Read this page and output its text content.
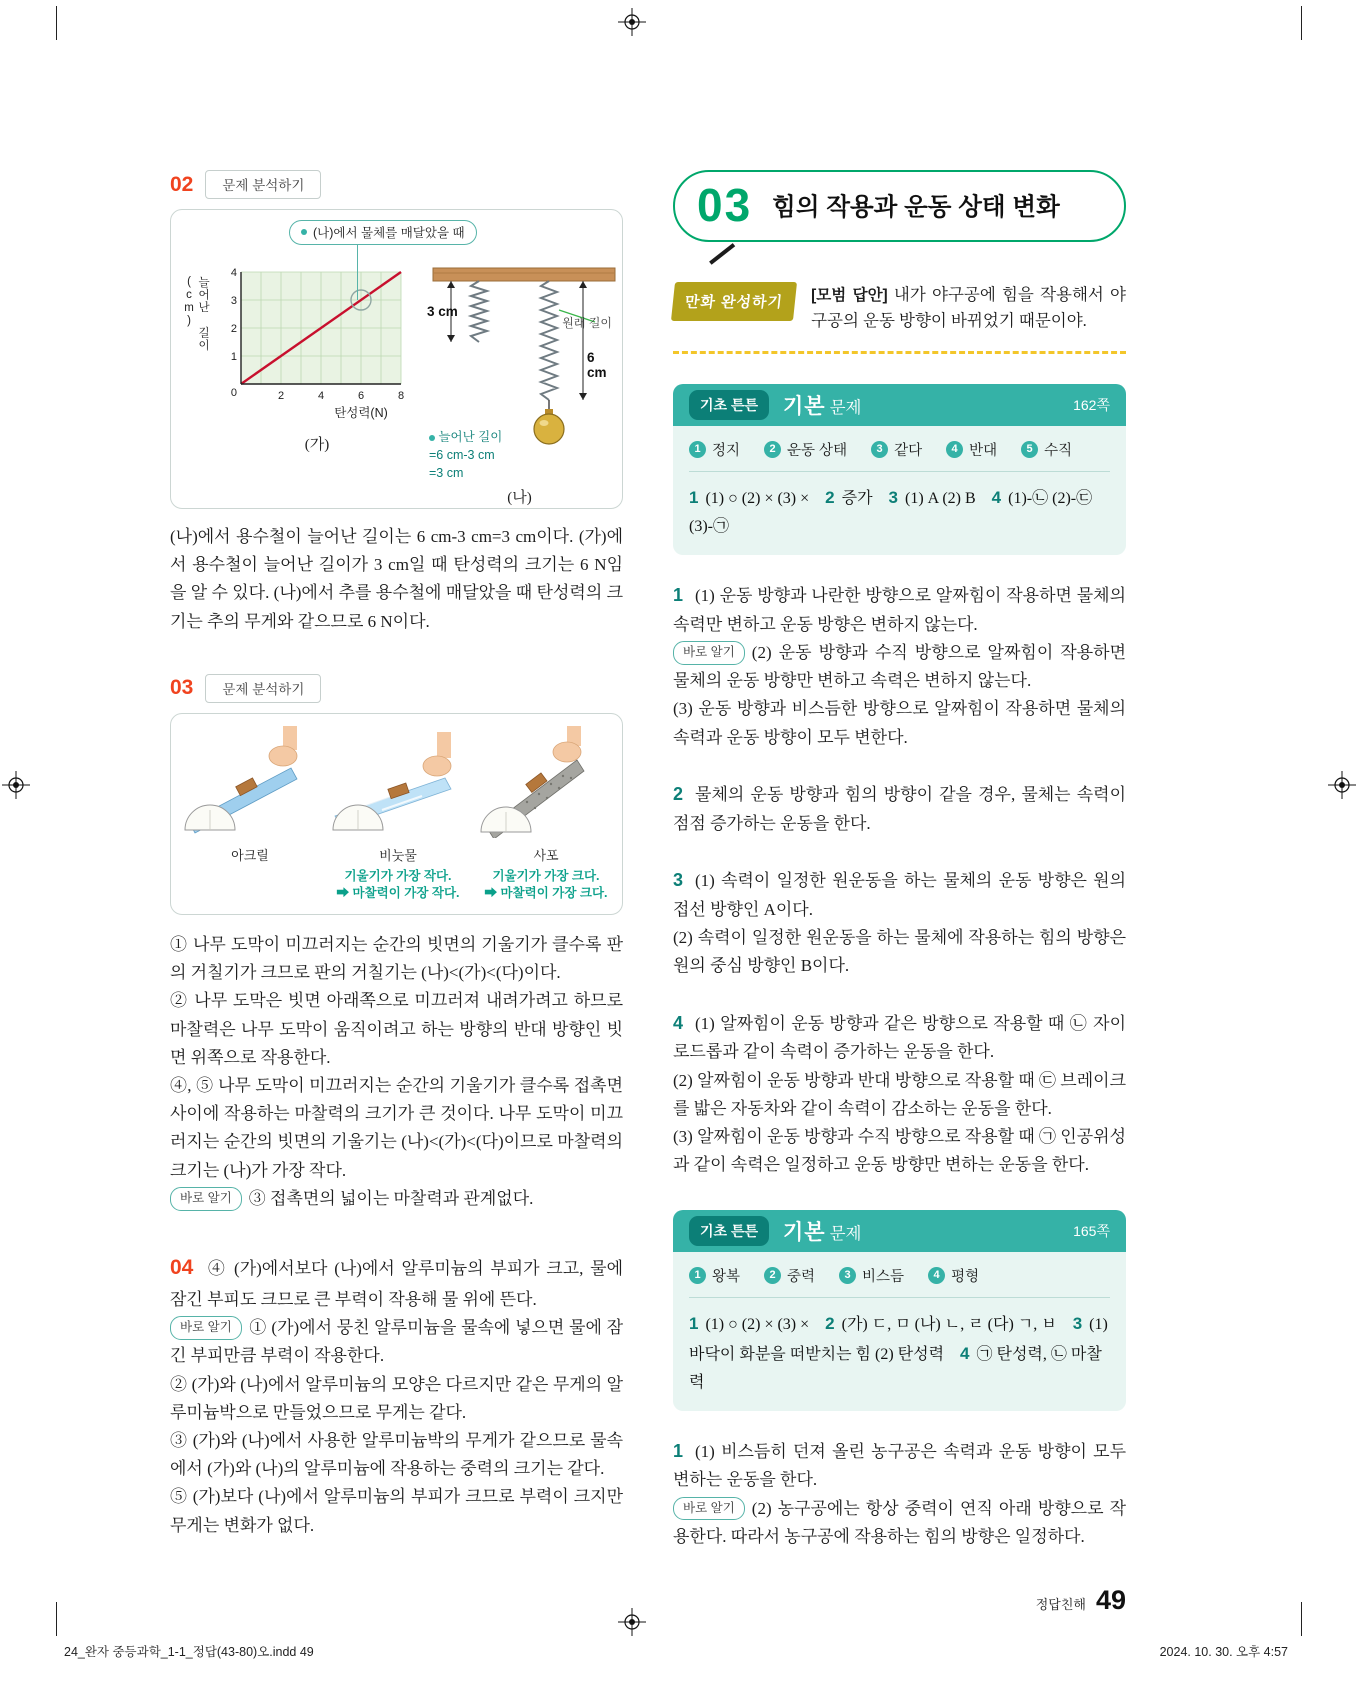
02	문제 분석하기
(나)에서 물체를 매달았을 때
늘어난 길이(cm)
1
2
3
4
0	2	4	6	8
탄성력(N)
(가)
3 cm
6 cm
원래 길이
늘어난 길이
=6 cm-3 cm
=3 cm
(나)

(나)에서 용수철이 늘어난 길이는 6 cm-3 cm=3 cm이다. (가)에서 용수철이 늘어난 길이가 3 cm일 때 탄성력의 크기는 6 N임을 알 수 있다. (나)에서 추를 용수철에 매달았을 때 탄성력의 크기는 추의 무게와 같으므로 6 N이다.

03	문제 분석하기
아크릴	비눗물
기울기가 가장 작다.
➡ 마찰력이 가장 작다.
사포
기울기가 가장 크다.
➡ 마찰력이 가장 크다.

① 나무 도막이 미끄러지는 순간의 빗면의 기울기가 클수록 판의 거칠기가 크므로 판의 거칠기는 (나)<(가)<(다)이다.

② 나무 도막은 빗면 아래쪽으로 미끄러져 내려가려고 하므로 마찰력은 나무 도막이 움직이려고 하는 방향의 반대 방향인 빗면 위쪽으로 작용한다.

④, ⑤ 나무 도막이 미끄러지는 순간의 기울기가 클수록 접촉면 사이에 작용하는 마찰력의 크기가 큰 것이다. 나무 도막이 미끄러지는 순간의 빗면의 기울기는 (나)<(가)<(다)이므로 마찰력의 크기는 (나)가 가장 작다.

바로 알기 ③ 접촉면의 넓이는 마찰력과 관계없다.

04 ④ (가)에서보다 (나)에서 알루미늄의 부피가 크고, 물에 잠긴 부피도 크므로 큰 부력이 작용해 물 위에 뜬다.

바로 알기 ① (가)에서 뭉친 알루미늄을 물속에 넣으면 물에 잠긴 부피만큼 부력이 작용한다.

② (가)와 (나)에서 알루미늄의 모양은 다르지만 같은 무게의 알루미늄박으로 만들었으므로 무게는 같다.

③ (가)와 (나)에서 사용한 알루미늄박의 무게가 같으므로 물속에서 (가)와 (나)의 알루미늄에 작용하는 중력의 크기는 같다.

⑤ (가)보다 (나)에서 알루미늄의 부피가 크므로 부력이 크지만 무게는 변화가 없다.

03 힘의 작용과 운동 상태 변화
만화 완성하기	[모범 답안] 내가 야구공에 힘을 작용해서 야구공의 운동 방향이 바뀌었기 때문이야.
기초 튼튼	기본 문제	162쪽
1 정지	2 운동 상태	3 같다	4 반대	5 수직
1 (1) ○ (2) × (3) × 2 증가 3 (1) A (2) B 4 (1)-㉡ (2)-㉢ (3)-㉠

1 (1) 운동 방향과 나란한 방향으로 알짜힘이 작용하면 물체의 속력만 변하고 운동 방향은 변하지 않는다.

바로 알기 (2) 운동 방향과 수직 방향으로 알짜힘이 작용하면 물체의 운동 방향만 변하고 속력은 변하지 않는다.

(3) 운동 방향과 비스듬한 방향으로 알짜힘이 작용하면 물체의 속력과 운동 방향이 모두 변한다.

2 물체의 운동 방향과 힘의 방향이 같을 경우, 물체는 속력이 점점 증가하는 운동을 한다.

3 (1) 속력이 일정한 원운동을 하는 물체의 운동 방향은 원의 접선 방향인 A이다.

(2) 속력이 일정한 원운동을 하는 물체에 작용하는 힘의 방향은 원의 중심 방향인 B이다.

4 (1) 알짜힘이 운동 방향과 같은 방향으로 작용할 때 ㉡ 자이로드롭과 같이 속력이 증가하는 운동을 한다.

(2) 알짜힘이 운동 방향과 반대 방향으로 작용할 때 ㉢ 브레이크를 밟은 자동차와 같이 속력이 감소하는 운동을 한다.

(3) 알짜힘이 운동 방향과 수직 방향으로 작용할 때 ㉠ 인공위성과 같이 속력은 일정하고 운동 방향만 변하는 운동을 한다.

기초 튼튼	기본 문제	165쪽
1 왕복	2 중력	3 비스듬	4 평형
1 (1) ○ (2) × (3) × 2 (가) ㄷ, ㅁ (나) ㄴ, ㄹ (다) ㄱ, ㅂ 3 (1) 바닥이 화분을 떠받치는 힘 (2) 탄성력 4 ㉠ 탄성력, ㉡ 마찰력

1 (1) 비스듬히 던져 올린 농구공은 속력과 운동 방향이 모두 변하는 운동을 한다.

바로 알기 (2) 농구공에는 항상 중력이 연직 아래 방향으로 작용한다. 따라서 농구공에 작용하는 힘의 방향은 일정하다.

정답친해 49
24_완자 중등과학_1-1_정답(43-80)오.indd 49	2024. 10. 30. 오후 4:57
